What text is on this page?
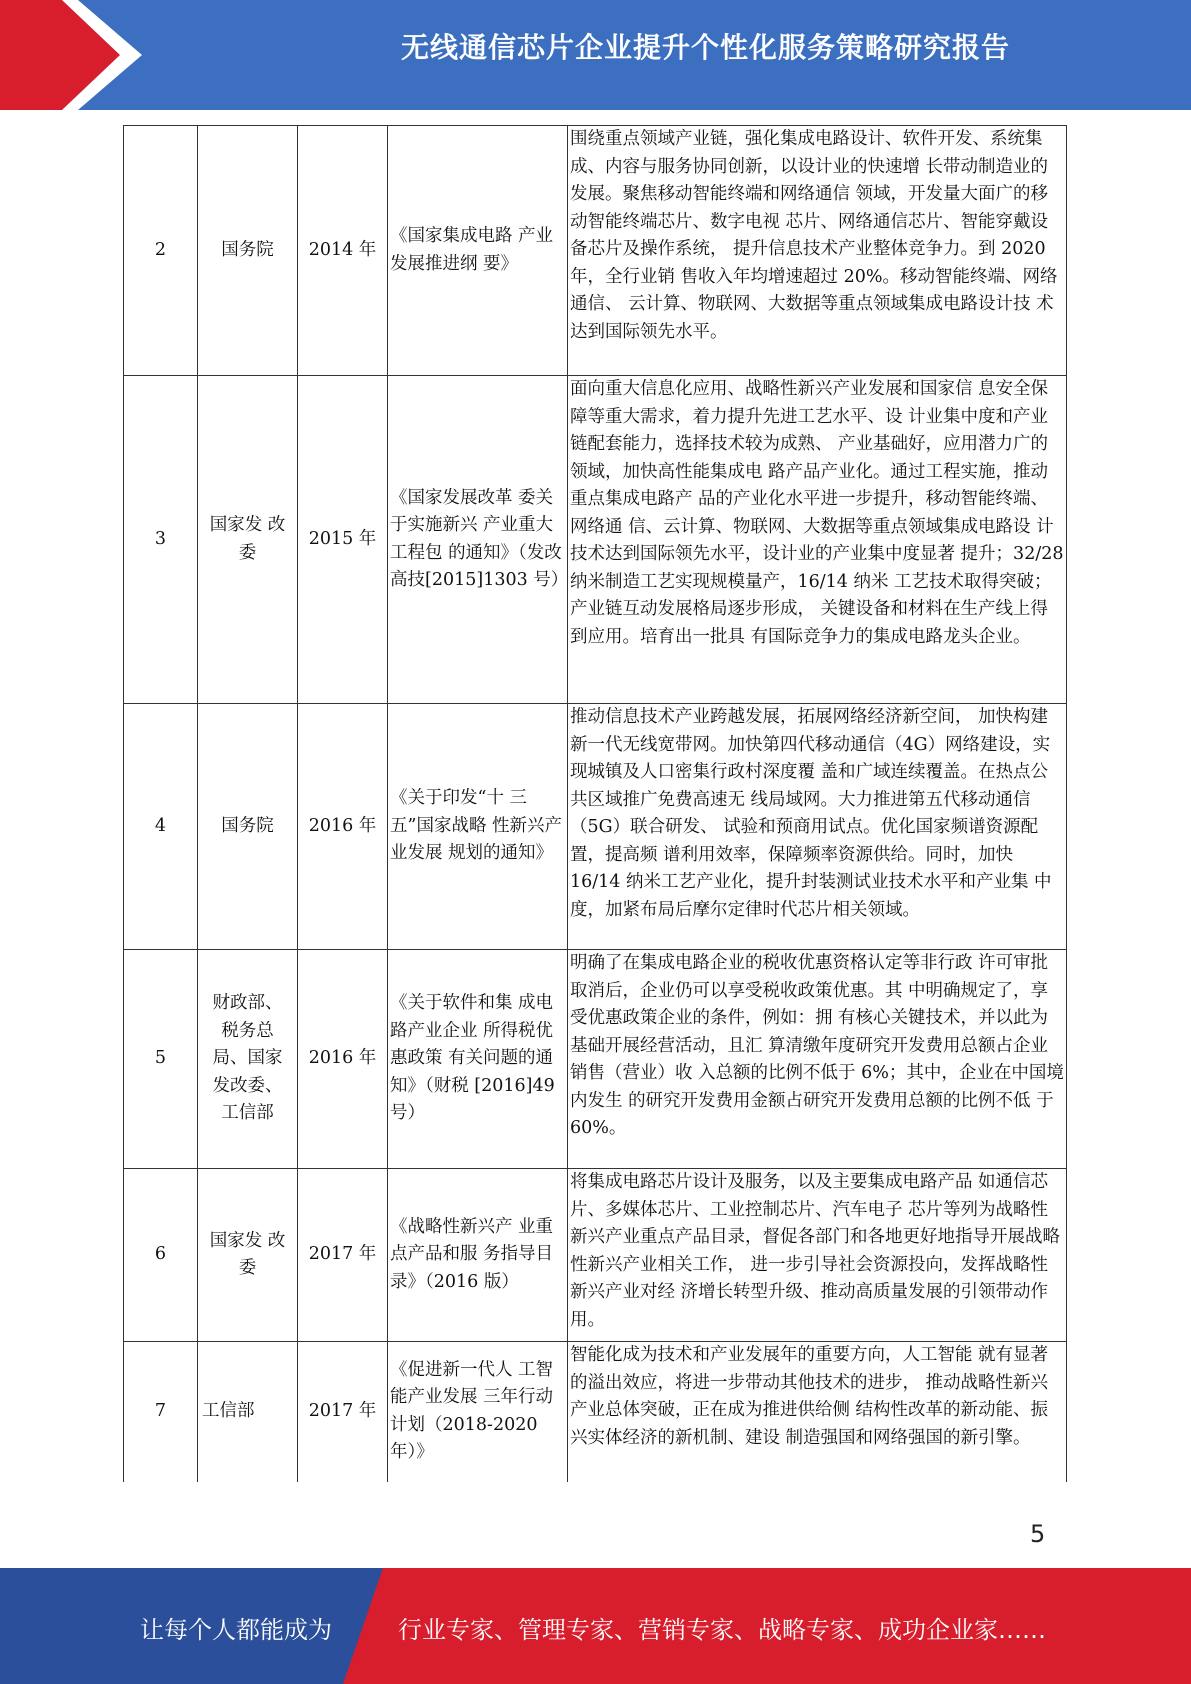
无线通信芯片企业提升个性化服务策略研究报告
2	国务院	2014 年	《国家集成电路 产业发展推进纲 要》	围绕重点领域产业链，强化集成电路设计、软件开发、系统集成、内容与服务协同创新，以设计业的快速增 长带动制造业的发展。聚焦移动智能终端和网络通信 领域，开发量大面广的移动智能终端芯片、数字电视 芯片、网络通信芯片、智能穿戴设备芯片及操作系统， 提升信息技术产业整体竞争力。到 2020 年，全行业销 售收入年均增速超过 20%。移动智能终端、网络通信、 云计算、物联网、大数据等重点领域集成电路设计技 术达到国际领先水平。
3	国家发 改委	2015 年	《国家发展改革 委关于实施新兴 产业重大工程包 的通知》（发改 高技[2015]1303 号）	面向重大信息化应用、战略性新兴产业发展和国家信 息安全保障等重大需求，着力提升先进工艺水平、设 计业集中度和产业链配套能力，选择技术较为成熟、 产业基础好，应用潜力广的领域，加快高性能集成电 路产品产业化。通过工程实施，推动重点集成电路产 品的产业化水平进一步提升，移动智能终端、网络通 信、云计算、物联网、大数据等重点领域集成电路设 计技术达到国际领先水平，设计业的产业集中度显著 提升；32/28 纳米制造工艺实现规模量产，16/14 纳米 工艺技术取得突破；产业链互动发展格局逐步形成， 关键设备和材料在生产线上得到应用。培育出一批具 有国际竞争力的集成电路龙头企业。
4	国务院	2016 年	《关于印发“十 三五”国家战略 性新兴产业发展 规划的通知》	推动信息技术产业跨越发展，拓展网络经济新空间， 加快构建新一代无线宽带网。加快第四代移动通信（4G）网络建设，实现城镇及人口密集行政村深度覆 盖和广域连续覆盖。在热点公共区域推广免费高速无 线局域网。大力推进第五代移动通信（5G）联合研发、 试验和预商用试点。优化国家频谱资源配置，提高频 谱利用效率，保障频率资源供给。同时，加快 16/14 纳米工艺产业化，提升封装测试业技术水平和产业集 中度，加紧布局后摩尔定律时代芯片相关领域。
5	财政部、 税务总 局、国家 发改委、 工信部	2016 年	《关于软件和集 成电路产业企业 所得税优惠政策 有关问题的通 知》（财税 [2016]49 号）	明确了在集成电路企业的税收优惠资格认定等非行政 许可审批取消后，企业仍可以享受税收政策优惠。其 中明确规定了，享受优惠政策企业的条件，例如：拥 有核心关键技术，并以此为基础开展经营活动，且汇 算清缴年度研究开发费用总额占企业销售（营业）收 入总额的比例不低于 6%；其中，企业在中国境内发生 的研究开发费用金额占研究开发费用总额的比例不低 于 60%。
6	国家发 改委	2017 年	《战略性新兴产 业重点产品和服 务指导目录》（2016 版）	将集成电路芯片设计及服务，以及主要集成电路产品 如通信芯片、多媒体芯片、工业控制芯片、汽车电子 芯片等列为战略性新兴产业重点产品目录，督促各部门和各地更好地指导开展战略性新兴产业相关工作， 进一步引导社会资源投向，发挥战略性新兴产业对经 济增长转型升级、推动高质量发展的引领带动作用。
7	工信部	2017 年	《促进新一代人 工智能产业发展 三年行动计划（2018-2020 年）》	智能化成为技术和产业发展年的重要方向，人工智能 就有显著的溢出效应，将进一步带动其他技术的进步， 推动战略性新兴产业总体突破，正在成为推进供给侧 结构性改革的新动能、振兴实体经济的新机制、建设 制造强国和网络强国的新引擎。
5
让每个人都能成为	行业专家、管理专家、营销专家、战略专家、成功企业家……
